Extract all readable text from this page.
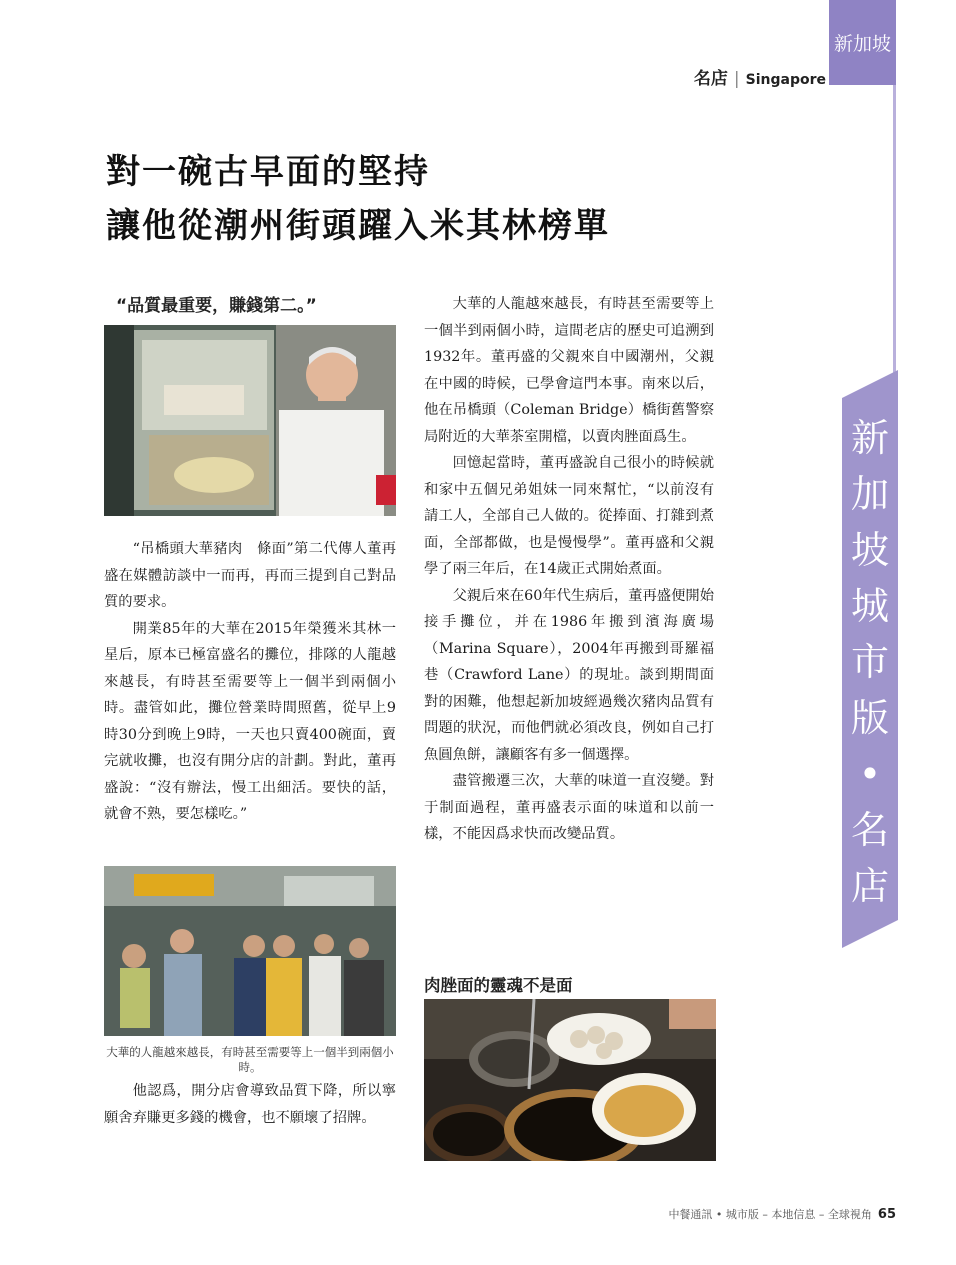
新加坡
名店 | Singapore
新
加
坡
城
市
版
•
名
店
對一碗古早面的堅持
讓他從潮州街頭躍入米其林榜單
“品質最重要，賺錢第二。”

“吊橋頭大華豬肉　條面”第二代傳人董再盛在媒體訪談中一而再，再而三提到自己對品質的要求。

開業85年的大華在2015年榮獲米其林一星后，原本已極富盛名的攤位，排隊的人龍越來越長，有時甚至需要等上一個半到兩個小時。盡管如此，攤位營業時間照舊，從早上9時30分到晚上9時，一天也只賣400碗面，賣完就收攤，也沒有開分店的計劃。對此，董再盛說：“沒有辦法，慢工出細活。要快的話，就會不熟，要怎樣吃。”

大華的人龍越來越長，有時甚至需要等上一個半到兩個小時。

他認爲，開分店會導致品質下降，所以寧願舍弃賺更多錢的機會，也不願壞了招牌。

大華的人龍越來越長，有時甚至需要等上一個半到兩個小時，這間老店的歷史可追溯到1932年。董再盛的父親來自中國潮州，父親在中國的時候，已學會這門本事。南來以后，他在吊橋頭（Coleman Bridge）橋街舊警察局附近的大華茶室開檔，以賣肉脞面爲生。

回憶起當時，董再盛說自己很小的時候就和家中五個兄弟姐妹一同來幫忙，“以前沒有請工人，全部自己人做的。從捧面、打雜到煮面，全部都做，也是慢慢學”。董再盛和父親學了兩三年后，在14歲正式開始煮面。

父親后來在60年代生病后，董再盛便開始接手攤位，并在1986年搬到濱海廣場（Marina Square），2004年再搬到哥羅福巷（Crawford Lane）的現址。談到期間面對的困難，他想起新加坡經過幾次豬肉品質有問題的狀況，而他們就必須改良，例如自己打魚圓魚餅，讓顧客有多一個選擇。

盡管搬遷三次，大華的味道一直沒變。對于制面過程，董再盛表示面的味道和以前一樣，不能因爲求快而改變品質。

肉脞面的靈魂不是面
中餐通訊 • 城市版 – 本地信息 – 全球視角 65
